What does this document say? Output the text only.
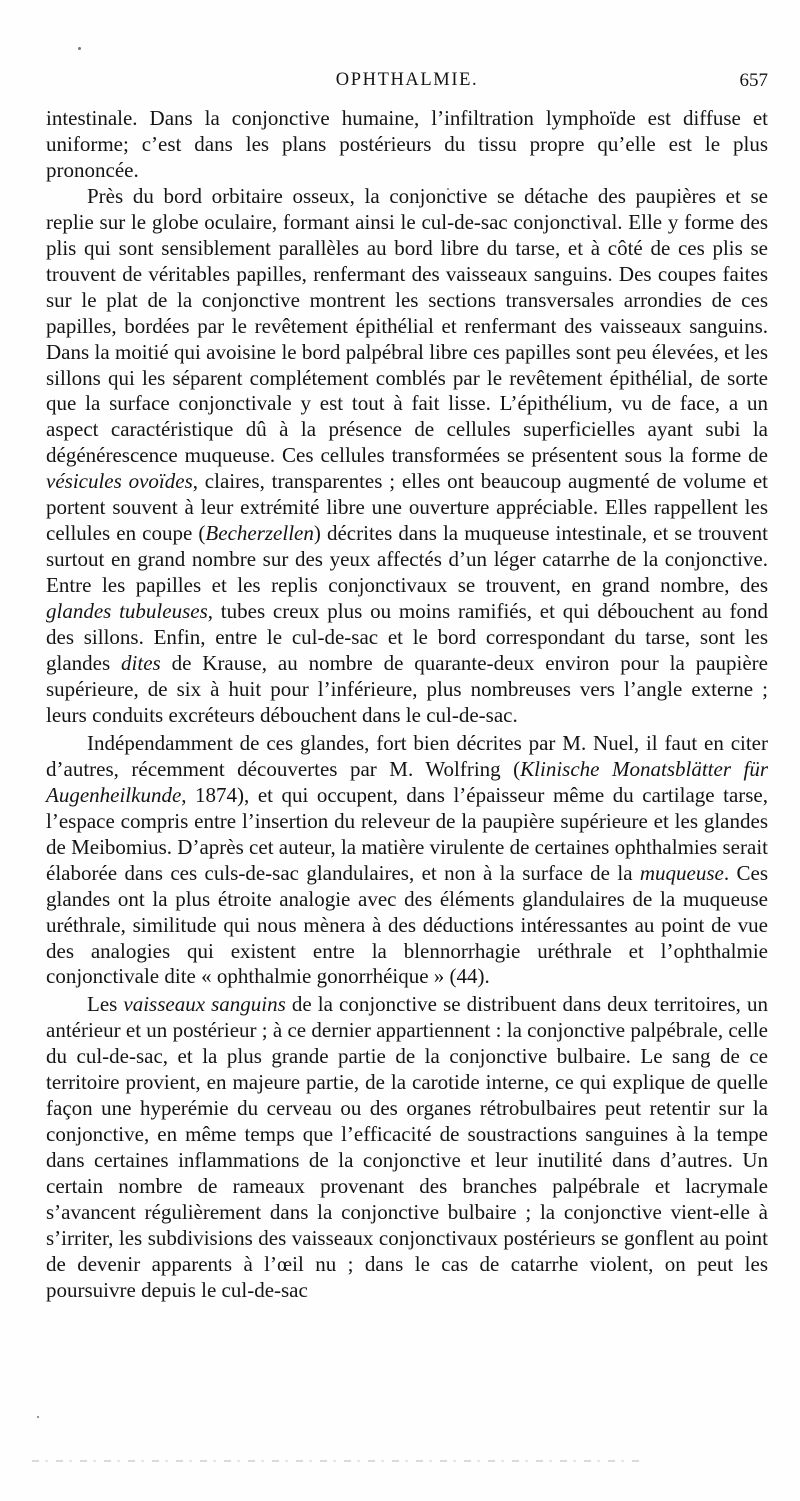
OPHTHALMIE.	657

intestinale. Dans la conjonctive humaine, l’infiltration lymphoïde est diffuse et uniforme; c’est dans les plans postérieurs du tissu propre qu’elle est le plus prononcée.

Près du bord orbitaire osseux, la conjonctive se détache des paupières et se replie sur le globe oculaire, formant ainsi le cul-de-sac conjonctival. Elle y forme des plis qui sont sensiblement parallèles au bord libre du tarse, et à côté de ces plis se trouvent de véritables papilles, renfermant des vaisseaux sanguins. Des coupes faites sur le plat de la conjonctive montrent les sections transversales arrondies de ces papilles, bordées par le revêtement épithélial et renfermant des vaisseaux sanguins. Dans la moitié qui avoisine le bord palpébral libre ces papilles sont peu élevées, et les sillons qui les séparent complétement comblés par le revêtement épithélial, de sorte que la surface conjonctivale y est tout à fait lisse. L’épithélium, vu de face, a un aspect caractéristique dû à la présence de cellules superficielles ayant subi la dégénérescence muqueuse. Ces cellules transformées se présentent sous la forme de vésicules ovoïdes, claires, transparentes ; elles ont beaucoup augmenté de volume et portent souvent à leur extrémité libre une ouverture appréciable. Elles rappellent les cellules en coupe (Becherzellen) décrites dans la muqueuse intestinale, et se trouvent surtout en grand nombre sur des yeux affectés d’un léger catarrhe de la conjonctive. Entre les papilles et les replis conjonctivaux se trouvent, en grand nombre, des glandes tubuleuses, tubes creux plus ou moins ramifiés, et qui débouchent au fond des sillons. Enfin, entre le cul-de-sac et le bord correspondant du tarse, sont les glandes dites de Krause, au nombre de quarante-deux environ pour la paupière supérieure, de six à huit pour l’inférieure, plus nombreuses vers l’angle externe ; leurs conduits excréteurs débouchent dans le cul-de-sac.

Indépendamment de ces glandes, fort bien décrites par M. Nuel, il faut en citer d’autres, récemment découvertes par M. Wolfring (Klinische Monatsblätter für Augenheilkunde, 1874), et qui occupent, dans l’épaisseur même du cartilage tarse, l’espace compris entre l’insertion du releveur de la paupière supérieure et les glandes de Meibomius. D’après cet auteur, la matière virulente de certaines ophthalmies serait élaborée dans ces culs-de-sac glandulaires, et non à la surface de la muqueuse. Ces glandes ont la plus étroite analogie avec des éléments glandulaires de la muqueuse uréthrale, similitude qui nous mènera à des déductions intéressantes au point de vue des analogies qui existent entre la blennorrhagie uréthrale et l’ophthalmie conjonctivale dite « ophthalmie gonorrhéique » (44).

Les vaisseaux sanguins de la conjonctive se distribuent dans deux territoires, un antérieur et un postérieur ; à ce dernier appartiennent : la conjonctive palpébrale, celle du cul-de-sac, et la plus grande partie de la conjonctive bulbaire. Le sang de ce territoire provient, en majeure partie, de la carotide interne, ce qui explique de quelle façon une hyperémie du cerveau ou des organes rétrobulbaires peut retentir sur la conjonctive, en même temps que l’efficacité de soustractions sanguines à la tempe dans certaines inflammations de la conjonctive et leur inutilité dans d’autres. Un certain nombre de rameaux provenant des branches palpébrale et lacrymale s’avancent régulièrement dans la conjonctive bulbaire ; la conjonctive vient-elle à s’irriter, les subdivisions des vaisseaux conjonctivaux postérieurs se gonflent au point de devenir apparents à l’œil nu ; dans le cas de catarrhe violent, on peut les poursuivre depuis le cul-de-sac
